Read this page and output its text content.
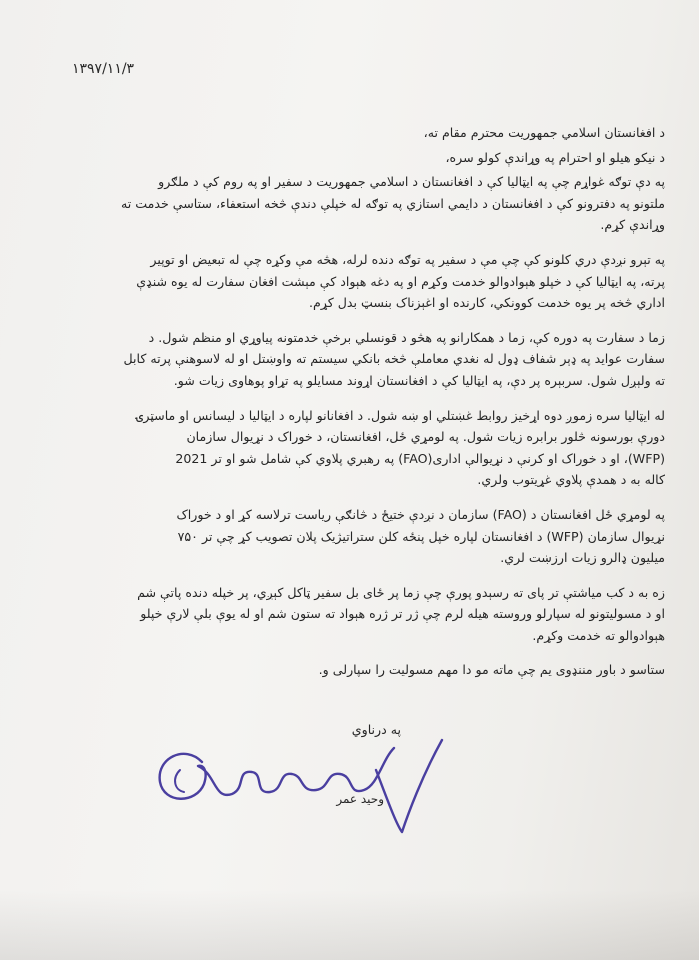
۱۳۹۷/۱۱/۳
د افغانستان اسلامي جمهوریت محترم مقام ته،
د نیکو هیلو او احترام په وړاندې کولو سره،
په دې توګه غواړم چې په ایټالیا کې د افغانستان د اسلامي جمهوریت د سفیر او په روم کې د ملګرو
ملتونو په دفترونو کې د افغانستان د دایمي استازي په توګه له خپلې دندې څخه استعفاء، ستاسې خدمت ته
وړاندې کړم.
په تېرو نږدې دري کلونو کې چې مې د سفیر په توګه دنده لرله، هڅه مې وکړه چې له تبعیض او توپیر
پرته، په ایټالیا کې د خپلو هېوادوالو خدمت وکړم او په دغه هېواد کې مېشت افغان سفارت له یوه شنډې
اداري څخه پر یوه خدمت کوونکي، کارنده او اغېزناک بنسټ بدل کړم.
زما د سفارت په دوره کې، زما د همکارانو په هڅو د قونسلي برخې خدمتونه پیاوړي او منظم شول. د
سفارت عواید په ډېر شفاف ډول له نغدي معاملې څخه بانکي سیستم ته واوښتل او له لاسوهنې پرته کابل
ته ولېږل شول. سربېره پر دې، په ایټالیا کې د افغانستان اړوند مسایلو په تړاو پوهاوی زیات شو.
له ایټالیا سره زموږ دوه اړخیز روابط غښتلي او ښه شول. د افغانانو لپاره د ایټالیا د لیسانس او ماسټرۍ
دورې بورسونه څلور برابره زیات شول. په لومړي ځل، افغانستان، د خوراک د نړیوال سازمان
(WFP)، او د خوراک او کرنې د نړیوالې اداری(FAO) په رهبري پلاوي کې شامل شو او تر 2021
کاله به د همدې پلاوي غړیتوب ولري.
په لومړي ځل افغانستان د (FAO) سازمان د نږدې ختیځ د څانګې ریاست ترلاسه کړ او د خوراک
نړیوال سازمان (WFP) د افغانستان لپاره خپل پنځه کلن ستراتیژیک پلان تصویب کړ چې تر ۷۵۰
میلیون ډالرو زیات ارزښت لري.
زه به د کب میاشتې تر پای ته رسېدو پورې چې زما پر ځای بل سفیر ټاکل کېږي، پر خپله دنده پاتې شم
او د مسولیتونو له سپارلو وروسته هیله لرم چې ژر تر ژره هېواد ته ستون شم او له یوې بلې لارې خپلو
هېوادوالو ته خدمت وکړم.
ستاسو د باور مننډوی یم چې ماته مو دا مهم مسولیت را سپارلی و.
په درناوي
وحید عمر
